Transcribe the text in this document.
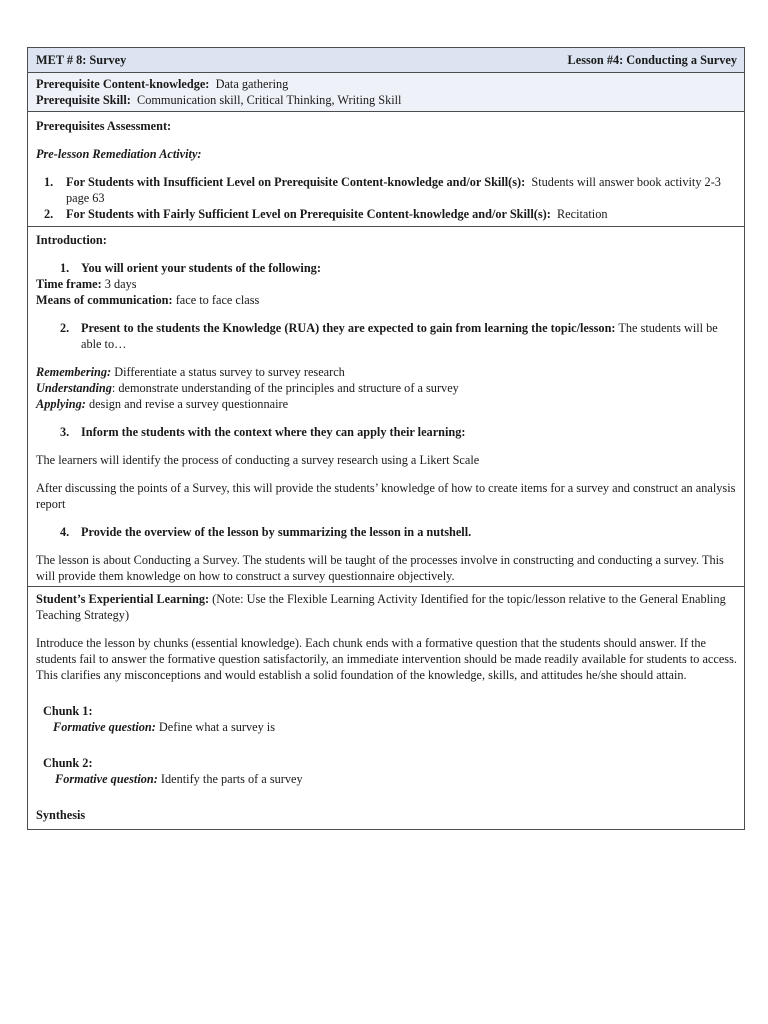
MET # 8: Survey	Lesson #4: Conducting a Survey

Prerequisite Content-knowledge: Data gathering

Prerequisite Skill: Communication skill, Critical Thinking, Writing Skill

Prerequisites Assessment:

Pre-lesson Remediation Activity:

1. For Students with Insufficient Level on Prerequisite Content-knowledge and/or Skill(s): Students will answer book activity 2-3 page 63
2. For Students with Fairly Sufficient Level on Prerequisite Content-knowledge and/or Skill(s): Recitation

Introduction:

1. You will orient your students of the following:

Time frame: 3 days

Means of communication: face to face class

2. Present to the students the Knowledge (RUA) they are expected to gain from learning the topic/lesson: The students will be able to…

Remembering: Differentiate a status survey to survey research

Understanding: demonstrate understanding of the principles and structure of a survey

Applying: design and revise a survey questionnaire

3. Inform the students with the context where they can apply their learning:

The learners will identify the process of conducting a survey research using a Likert Scale

After discussing the points of a Survey, this will provide the students’ knowledge of how to create items for a survey and construct an analysis report

4. Provide the overview of the lesson by summarizing the lesson in a nutshell.

The lesson is about Conducting a Survey. The students will be taught of the processes involve in constructing and conducting a survey. This will provide them knowledge on how to construct a survey questionnaire objectively.

Student’s Experiential Learning: (Note: Use the Flexible Learning Activity Identified for the topic/lesson relative to the General Enabling Teaching Strategy)

Introduce the lesson by chunks (essential knowledge). Each chunk ends with a formative question that the students should answer. If the students fail to answer the formative question satisfactorily, an immediate intervention should be made readily available for students to access. This clarifies any misconceptions and would establish a solid foundation of the knowledge, skills, and attitudes he/she should attain.

Chunk 1:

Formative question: Define what a survey is

Chunk 2:

Formative question: Identify the parts of a survey

Synthesis
